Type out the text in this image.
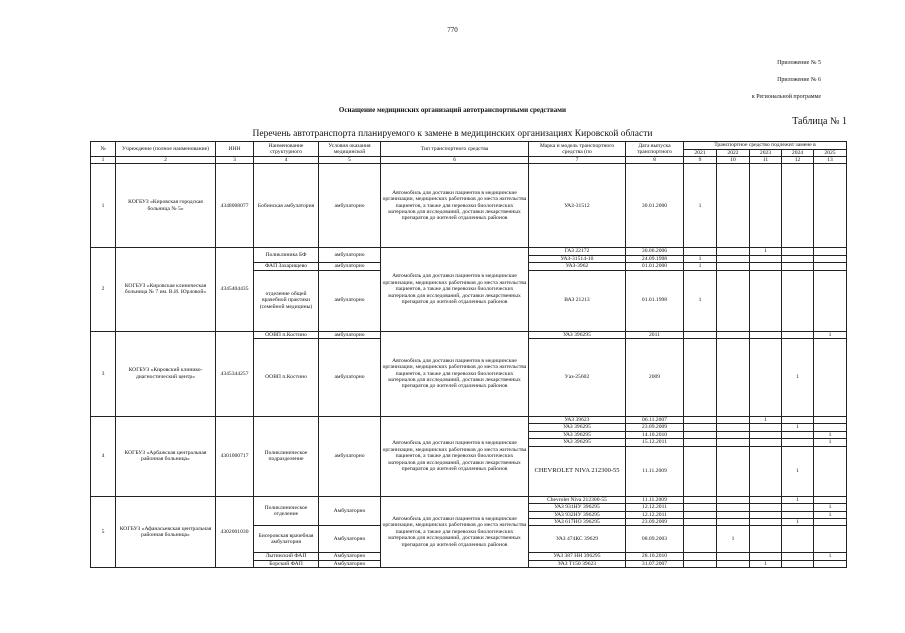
770
Приложение № 5
Приложение № 6
к Региональной программе
Оснащение медицинских организаций автотранспортными средствами
Таблица № 1
Перечень автотранспорта планируемого к замене в медицинских организациях Кировской области
№	Учреждение (полное наименование)	ИНН	Наименование структурного	Условия оказания медицинской	Тип транспортного средства	Марка и модель транспортного средства (по	Дата выпуска транспортного	Транспортное средство подлежит замене в				
								2021	2022	2023	2024	2025
1	2	3	4	5	6	7	8	9	10	11	12	13
1	КОГБУЗ «Кировская городская больница № 5»	4348008077	Бобинская амбулатория	амбулаторно	Автомобиль для доставки пациентов в медицинские организации, медицинских работников до места жительства пациентов, а также для перевозки биологических материалов для исследований, доставки лекарственных препаратов до жителей отдаленных районов	УАЗ-31512	30.01.2000	1				
2	КОГБУЗ «Кировская клиническая больница № 7 им. В.И. Юрловой»	4345404435	Поликлиника БФ	амбулаторно	Автомобиль для доставки пациентов в медицинские организации, медицинских работников до места жительства пациентов, а также для перевозки биологических материалов для исследований, доставки лекарственных препаратов до жителей отдаленных районов	ГАЗ 22172	30.06.2006			1		
						УАЗ-31514-10	24.09.1998	1				
			ФАП Захарищево	амбулаторно		УАЗ-3962	01.01.2000	1				
			отделение общей врачебной практики (семейной медицины)	амбулаторно		ВАЗ 21213	01.01.1998	1				
3	КОГБУЗ «Кировский клинико-диагностический центр»	4345344257	ООВП п.Костино	амбулаторно	Автомобиль для доставки пациентов в медицинские организации, медицинских работников до места жительства пациентов, а также для перевозки биологических материалов для исследований, доставки лекарственных препаратов до жителей отдаленных районов	УАЗ 396295	2011					1
			ООВП п.Костино	амбулаторно		Уаз-25602	2009				1	
4	КОГБУЗ «Арбажская центральная районная больница»	4301000717	Поликлиническое подразделение	амбулаторно	Автомобиль для доставки пациентов в медицинские организации, медицинских работников до места жительства пациентов, а также для перевозки биологических материалов для исследований, доставки лекарственных препаратов до жителей отдаленных районов	УАЗ 39623	06.11.2007			1		
						УАЗ 396295	23.09.2009				1	
						УАЗ 396295	14.10.2010					1
						УАЗ 396295	15.12.2011					1
						CHEVROLET NIVA 212300-55	11.11.2009				1	
5	КОГБУЗ «Афанасьевская центральная районная больница»	4302001030	Поликлиническое отделение	Амбулаторно	Автомобиль для доставки пациентов в медицинские организации, медицинских работников до места жительства пациентов, а также для перевозки биологических материалов для исследований, доставки лекарственных препаратов до жителей отдаленных районов	Chevrolet Niva 212300-55	11.11.2009				1	
						УАЗ 931НУ 396295	12.12.2011					1
						УАЗ 932НУ 396295	12.12.2011					1
						УАЗ 617НО 396295	23.09.2009				1	
			Бисеровская врачебная амбулатория	Амбулаторно		УАЗ 474КС 39629	08.09.2003		1			
			Лытинский ФАП	Амбулаторно		УАЗ 387 НН 396295	28.10.2010					1
			Борский ФАП	Амбулаторно		УАЗ Т150 39623	31.07.2007			1		
